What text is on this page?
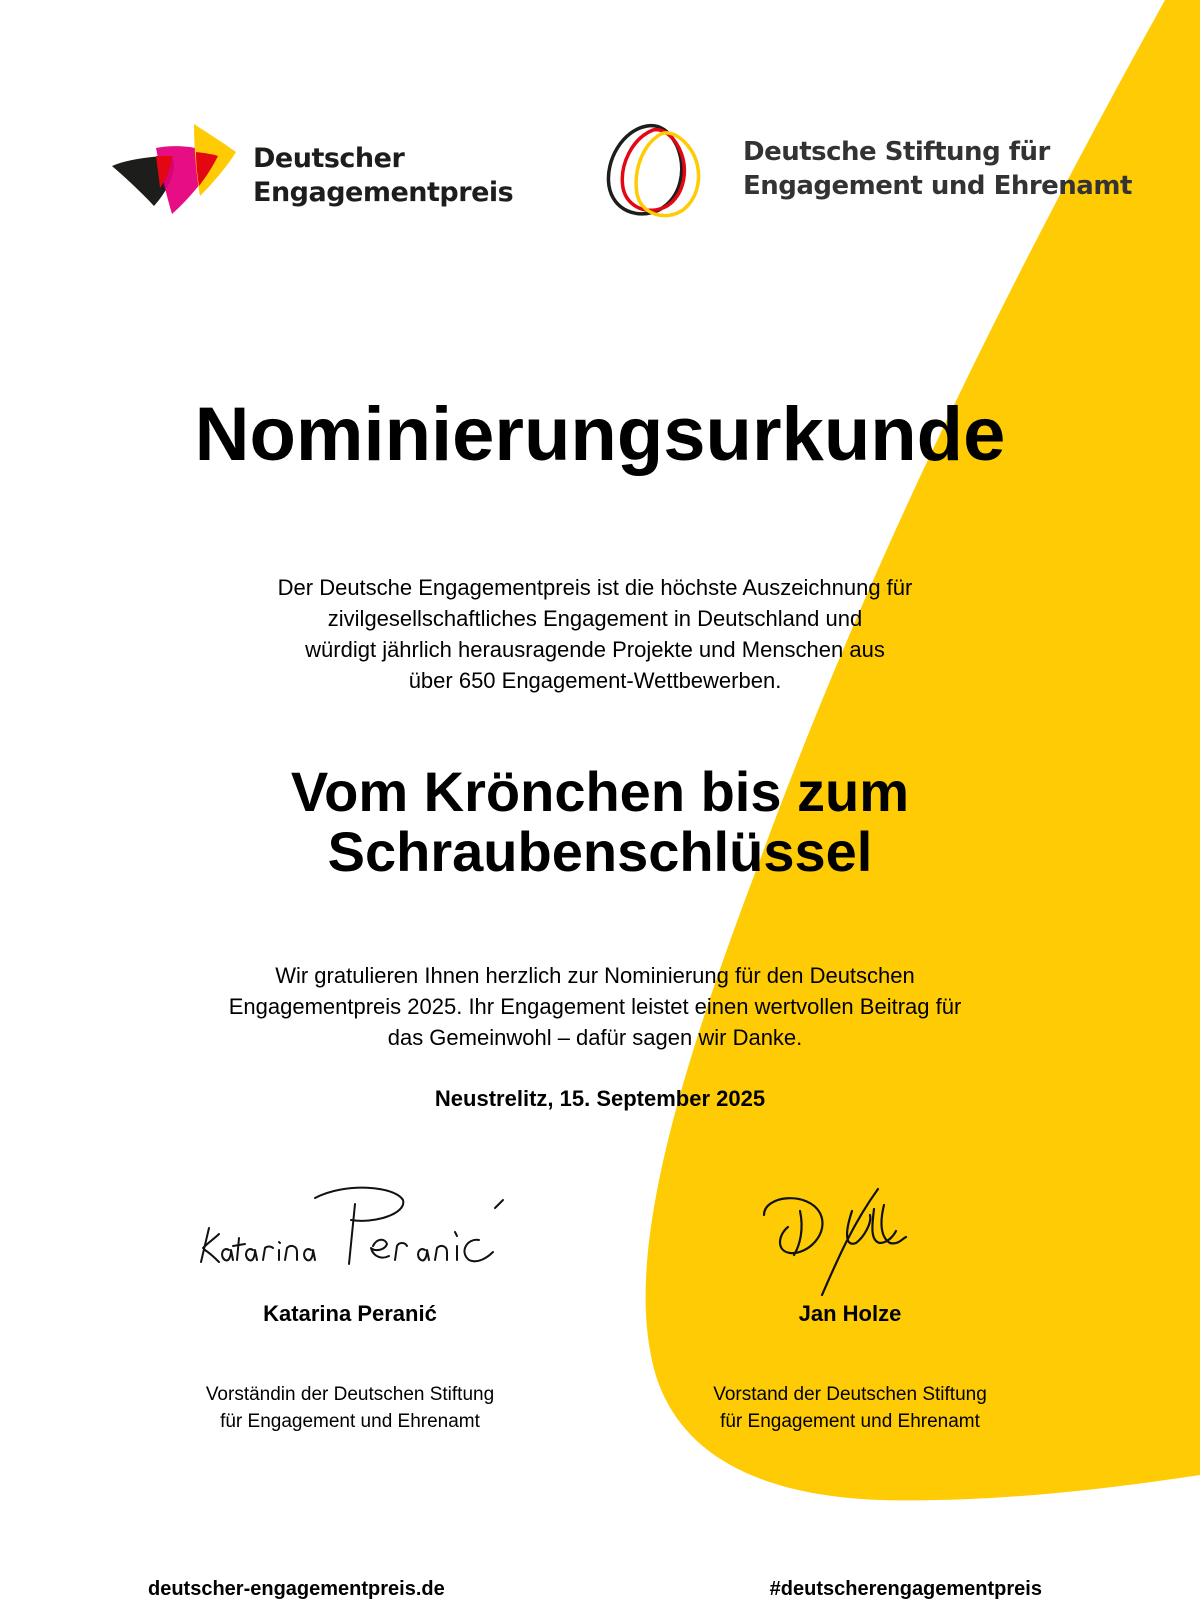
Deutscher
Engagementpreis
Deutsche Stiftung für
Engagement und Ehrenamt
Nominierungsurkunde

Der Deutsche Engagementpreis ist die höchste Auszeichnung für
zivilgesellschaftliches Engagement in Deutschland und
würdigt jährlich herausragende Projekte und Menschen aus
über 650 Engagement-Wettbewerben.

Vom Krönchen bis zum
Schraubenschlüssel

Wir gratulieren Ihnen herzlich zur Nominierung für den Deutschen
Engagementpreis 2025. Ihr Engagement leistet einen wertvollen Beitrag für
das Gemeinwohl – dafür sagen wir Danke.

Neustrelitz, 15. September 2025
Katarina Peranić
Vorständin der Deutschen Stiftung
für Engagement und Ehrenamt
Jan Holze
Vorstand der Deutschen Stiftung
für Engagement und Ehrenamt
deutscher-engagementpreis.de	#deutscherengagementpreis
